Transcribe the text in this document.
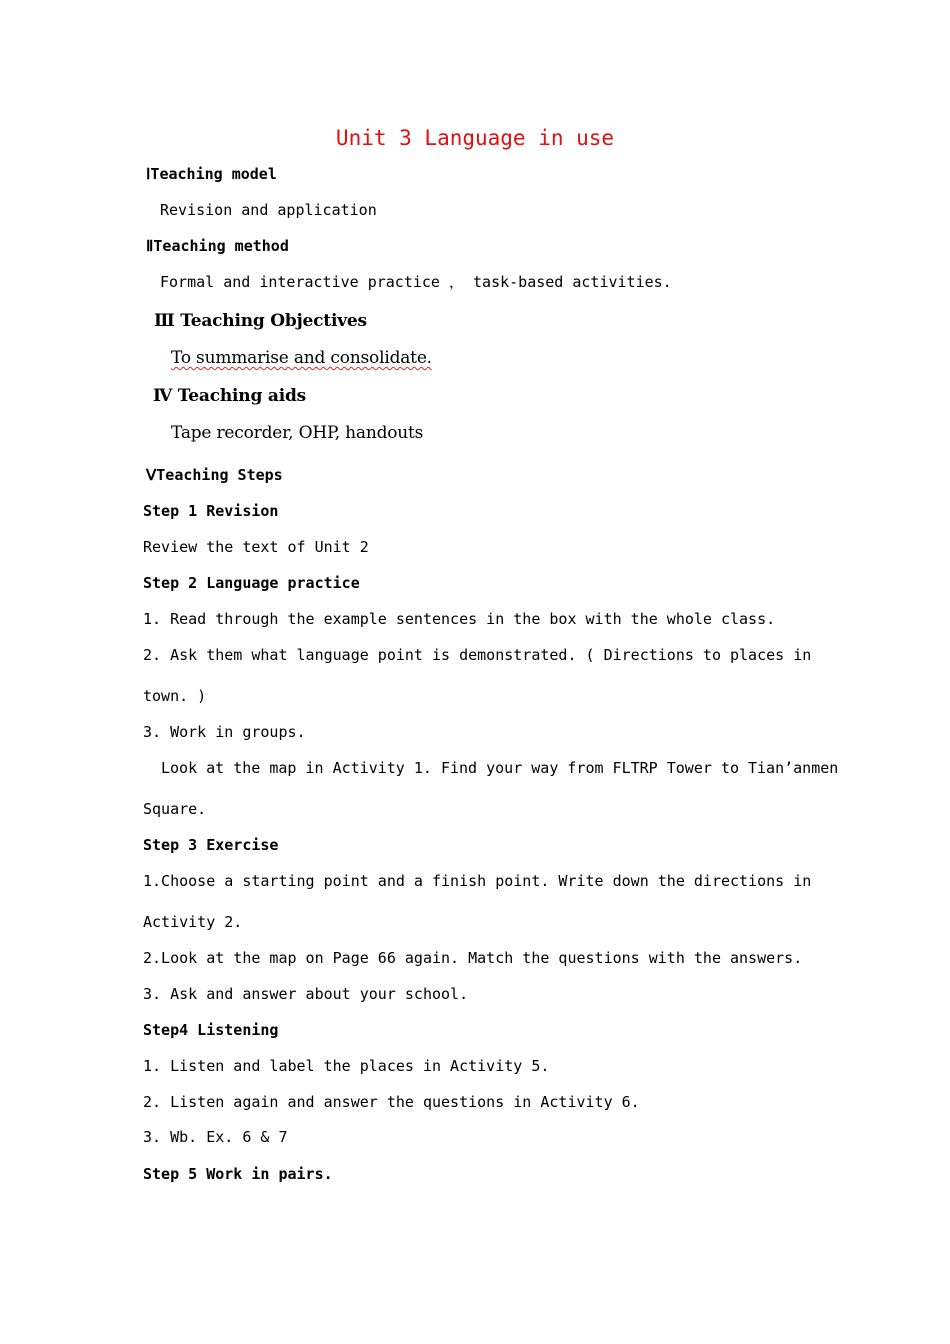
Unit 3 Language in use
ⅠTeaching model
Revision and application
ⅡTeaching method
Formal and interactive practice ， task-based activities.
Ⅲ Teaching Objectives
To summarise and consolidate.
Ⅳ Teaching aids
Tape recorder, OHP, handouts
ⅤTeaching Steps
Step 1 Revision
Review the text of Unit 2
Step 2 Language practice
1. Read through the example sentences in the box with the whole class.
2. Ask them what language point is demonstrated. ( Directions to places in
town. )
3. Work in groups.
Look at the map in Activity 1. Find your way from FLTRP Tower to Tian’anmen
Square.
Step 3 Exercise
1.Choose a starting point and a finish point. Write down the directions in
Activity 2.
2.Look at the map on Page 66 again. Match the questions with the answers.
3. Ask and answer about your school.
Step4 Listening
1. Listen and label the places in Activity 5.
2. Listen again and answer the questions in Activity 6.
3. Wb. Ex. 6 & 7
Step 5 Work in pairs.
